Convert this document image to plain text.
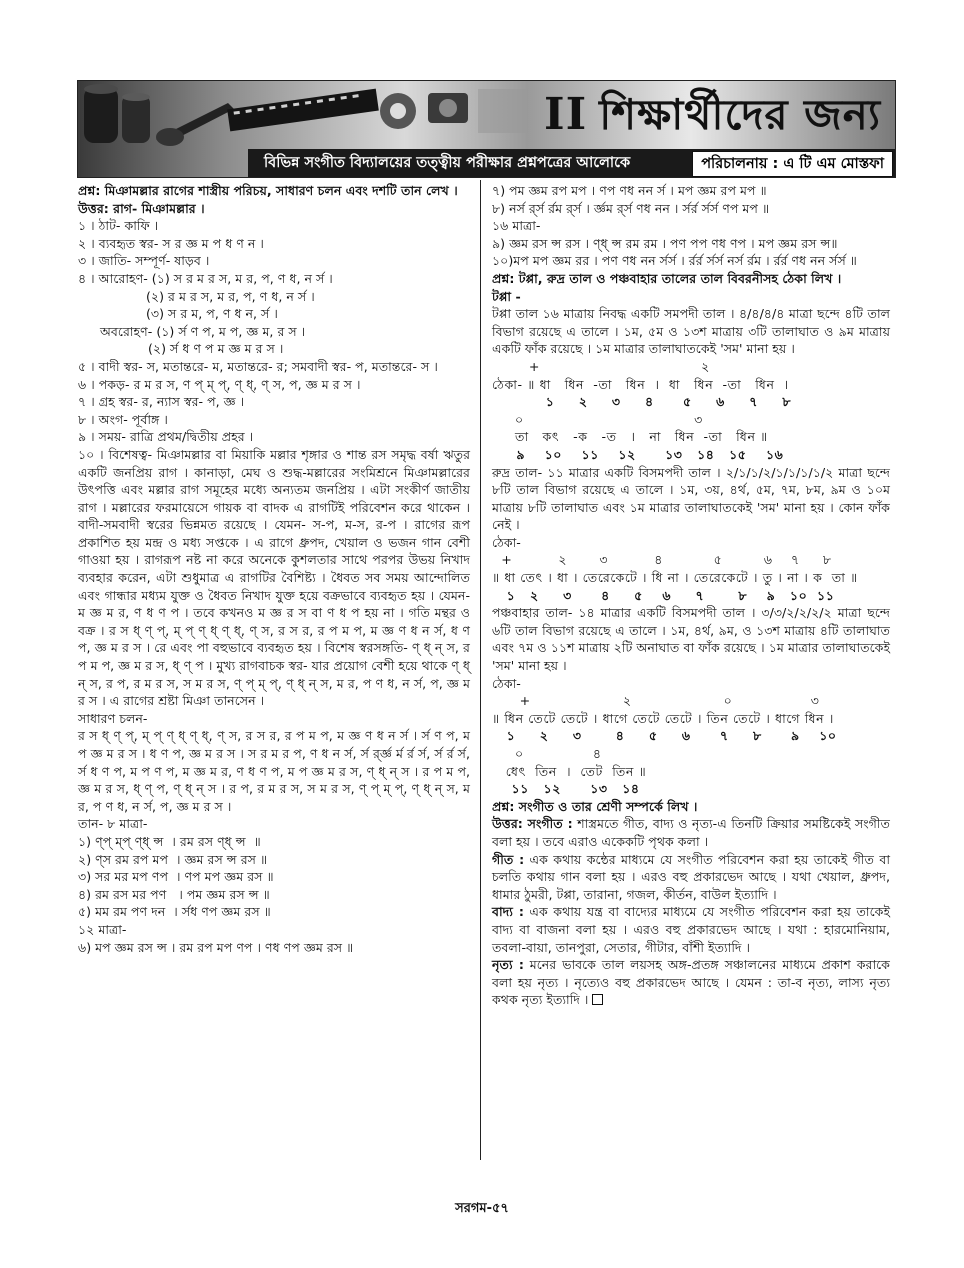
II শিক্ষার্থীদের জন্য
বিভিন্ন সংগীত বিদ্যালয়ের তত্ত্বীয় পরীক্ষার প্রশ্নপত্রের আলোকে	পরিচালনায় : এ টি এম মোস্তফা

প্রশ্ন: মিঞামল্লার রাগের শাস্ত্রীয় পরিচয়, সাধারণ চলন এবং দশটি তান লেখ ।

উত্তর: রাগ- মিঞামল্লার ।

১ । ঠাট- কাফি ।

২ । ব্যবহৃত স্বর- স র জ্ঞ ম প ধ ণ ন ।

৩ । জাতি- সম্পূর্ণ- ষাড়ব ।

৪ । আরোহণ- (১) স র ম র স, ম র, প, ণ ধ, ন র্স ।

(২) র ম র স, ম র, প, ণ ধ, ন র্স ।

(৩) স র ম, প, ণ ধ ন, র্স ।

অবরোহণ- (১) র্স ণ প, ম প, জ্ঞ ম, র স ।

(২) র্স ধ ণ প ম জ্ঞ ম র স ।

৫ । বাদী স্বর- স, মতান্তরে- ম, মতান্তরে- র; সমবাদী স্বর- প, মতান্তরে- স ।

৬ । পকড়- র ম র স, ণ প্ ম্ প্, ণ্ ধ্, ণ্ স, প, জ্ঞ ম র স ।

৭ । গ্রহ স্বর- র, ন্যাস স্বর- প, জ্ঞ ।

৮ । অংগ- পূর্বাঙ্গ ।

৯ । সময়- রাত্রি প্রথম/দ্বিতীয় প্রহর ।

১০ । বিশেষত্ব- মিঞামল্লার বা মিয়াকি মল্লার শৃঙ্গার ও শান্ত রস সমৃদ্ধ বর্ষা ঋতুর একটি জনপ্রিয় রাগ । কানাড়া, মেঘ ও শুদ্ধ-মল্লারের সংমিশ্রনে মিঞামল্লারের উৎপত্তি এবং মল্লার রাগ সমূহের মধ্যে অন্যতম জনপ্রিয় । এটা সংকীর্ণ জাতীয় রাগ । মল্লারের ফরমায়েসে গায়ক বা বাদক এ রাগটিই পরিবেশন করে থাকেন । বাদী-সমবাদী স্বরের ভিন্নমত রয়েছে । যেমন- স-প, ম-স, র-প । রাগের রূপ প্রকাশিত হয় মন্দ্র ও মধ্য সপ্তকে । এ রাগে ধ্রুপদ, খেয়াল ও ভজন গান বেশী গাওয়া হয় । রাগরূপ নষ্ট না করে অনেকে কুশলতার সাথে পরপর উভয় নিখাদ ব্যবহার করেন, এটা শুধুমাত্র এ রাগটির বৈশিষ্ট্য । ধৈবত সব সময় আন্দোলিত এবং গান্ধার মধ্যম যুক্ত ও ধৈবত নিখাদ যুক্ত হয়ে বক্রভাবে ব্যবহৃত হয় । যেমন- ম জ্ঞ ম র, ণ ধ ণ প । তবে কখনও ম জ্ঞ র স বা ণ ধ প হয় না । গতি মন্থর ও বক্র । র স ধ্ ণ্ প্, ম্ প্ ণ্ ধ্ ণ্ ধ্, ণ্ স, র স র, র প ম প, ম জ্ঞ ণ ধ ন র্স, ধ ণ প, জ্ঞ ম র স । রে এবং পা বহুভাবে ব্যবহৃত হয় । বিশেষ স্বরসঙ্গতি- ণ্ ধ্ ন্ স, র প ম প, জ্ঞ ম র স, ধ্ ণ্ প । মুখ্য রাগবাচক স্বর- যার প্রয়োগ বেশী হয়ে থাকে ণ্ ধ্ ন্ স, র প, র ম র স, স ম র স, ণ্ প্ ম্ প্, ণ্ ধ্ ন্ স, ম র, প ণ ধ, ন র্স, প, জ্ঞ ম র স । এ রাগের শ্রষ্টা মিঞা তানসেন ।

সাধারণ চলন-

র স ধ্ ণ্ প্, ম্ প্ ণ্ ধ্ ণ্ ধ্, ণ্ স, র স র, র প ম প, ম জ্ঞ ণ ধ ন র্স । র্স ণ প, ম প জ্ঞ ম র স । ধ ণ প, জ্ঞ ম র স । স র ম র প, ণ ধ ন র্স, র্স র্র্জ্ঞ র্ম র্র র্স, র্স র্র র্স, র্স ধ ণ প, ম প ণ প, ম জ্ঞ ম র, ণ ধ ণ প, ম প জ্ঞ ম র স, ণ্ ধ্ ন্ স । র প ম প, জ্ঞ ম র স, ধ্ ণ্ প, ণ্ ধ্ ন্ স । র প, র ম র স, স ম র স, ণ্ প্ ম্ প্, ণ্ ধ্ ন্ স, ম র, প ণ ধ, ন র্স, প, জ্ঞ ম র স ।

তান- ৮ মাত্রা-

১) ণ্প্ ম্প্ ণ্ধ্ ন্স  । রম রস ণ্ধ্ ন্স  ॥

২) ণ্স রম রপ মপ  । জ্ঞম রস ন্স রস ॥

৩) সর মর মপ ণপ  । ণপ মপ জ্ঞম রস ॥

৪) রম রস মর পণ   । পম জ্ঞম রস ন্স ॥

৫) মম রম পণ দন  । র্সধ ণপ জ্ঞম রস ॥

১২ মাত্রা-

৬) মপ জ্ঞম রস ন্স । রম রপ মপ ণপ । ণধ ণপ জ্ঞম রস ॥

৭) পম জ্ঞম রপ মপ । ণপ ণধ নন র্স । মপ জ্ঞম রপ মপ ॥

৮) নর্স র্র্স র্রম র্র্স । র্জ্ঞম র্র্স ণধ নন । র্সর্র র্সর্স ণপ মপ ॥

১৬ মাত্রা-

৯) জ্ঞম রস ন্স রস । ণ্ধ্ ন্স রম রম । পণ পপ ণধ ণপ । মপ জ্ঞম রস ন্স॥

১০)মপ মপ জ্ঞম রর । পণ ণধ নন র্সর্স । র্রর্র র্সর্স নর্স র্রম । র্রর্র ণধ নন র্সর্স ॥

প্রশ্ন: টপ্পা, রুদ্র তাল ও পঞ্চবাহার তালের তাল বিবরনীসহ ঠেকা লিখ ।

টপ্পা -

টপ্পা তাল ১৬ মাত্রায় নিবদ্ধ একটি সমপদী তাল । ৪/৪/৪/৪ মাত্রা ছন্দে ৪টি তাল বিভাগ রয়েছে এ তালে । ১ম, ৫ম ও ১৩শ মাত্রায় ৩টি তালাঘাত ও ৯ম মাত্রায় একটি ফাঁক রয়েছে । ১ম মাত্রার তালাঘাতকেই 'সম' মানা হয় ।

+                                   ২

ঠেকা- ॥ ধা   ধিন  -তা   ধিন  ।  ধা   ধিন  -তা   ধিন  ।

১     ২     ৩     ৪      ৫     ৬     ৭     ৮

০                                     ৩

তা   কৎ   -ক   -ত   ।   না   ধিন  -তা   ধিন ॥

৯    ১০    ১১    ১২      ১৩   ১৪   ১৫    ১৬

রুদ্র তাল- ১১ মাত্রার একটি বিসমপদী তাল । ২/১/১/২/১/১/১/১/২ মাত্রা ছন্দে ৮টি তাল বিভাগ রয়েছে এ তালে । ১ম, ৩য়, ৪র্থ, ৫ম, ৭ম, ৮ম, ৯ম ও ১০ম মাত্রায় ৮টি তালাঘাত এবং ১ম মাত্রার তালাঘাতকেই 'সম' মানা হয় । কোন ফাঁক নেই ।

ঠেকা-

+          ২       ৩          ৪           ৫         ৬    ৭     ৮

॥ ধা তেৎ । ধা । তেরেকেটে । ধি না । তেরেকেটে । তু । না । ক  তা ॥

১   ২     ৩      ৪     ৫    ৬     ৭       ৮    ৯   ১০  ১১

পঞ্চবাহার তাল- ১৪ মাত্রার একটি বিসমপদী তাল । ৩/৩/২/২/২/২ মাত্রা ছন্দে ৬টি তাল বিভাগ রয়েছে এ তালে । ১ম, ৪র্থ, ৯ম, ও ১৩শ মাত্রায় ৪টি তালাঘাত এবং ৭ম ও ১১শ মাত্রায় ২টি অনাঘাত বা ফাঁক রয়েছে । ১ম মাত্রার তালাঘাতকেই 'সম' মানা হয় ।

ঠেকা-

+                    ২                    ০                 ৩

॥ ধিন তেটে তেটে । ধাগে তেটে তেটে । তিন তেটে । ধাগে ধিন ।

১     ২     ৩       ৪     ৫     ৬      ৭     ৮      ৯    ১০

০               ৪

ধেৎ  তিন  ।  তেট  তিন ॥

১১   ১২      ১৩   ১৪

প্রশ্ন: সংগীত ও তার শ্রেণী সম্পর্কে লিখ ।

উত্তর: সংগীত : শাস্ত্রমতে গীত, বাদ্য ও নৃত্য-এ তিনটি ক্রিয়ার সমষ্টিকেই সংগীত বলা হয় । তবে এরাও একেকটি পৃথক কলা ।

গীত : এক কথায় কন্ঠের মাধ্যমে যে সংগীত পরিবেশন করা হয় তাকেই গীত বা চলতি কথায় গান বলা হয় । এরও বহু প্রকারভেদ আছে । যথা খেয়াল, ধ্রুপদ, ধামার ঠুমরী, টপ্পা, তারানা, গজল, কীর্তন, বাউল ইত্যাদি ।

বাদ্য : এক কথায় যন্ত্র বা বাদ্যের মাধ্যমে যে সংগীত পরিবেশন করা হয় তাকেই বাদ্য বা বাজনা বলা হয় । এরও বহু প্রকারভেদ আছে । যথা : হারমোনিয়াম, তবলা-বায়া, তানপুরা, সেতার, গীটার, বাঁশী ইত্যাদি ।

নৃত্য : মনের ভাবকে তাল লয়সহ অঙ্গ-প্রতঙ্গ সঞ্চালনের মাধ্যমে প্রকাশ করাকে বলা হয় নৃত্য । নৃত্যেও বহু প্রকারভেদ আছে । যেমন : তা-ব নৃত্য, লাস্য নৃত্য কথক নৃত্য ইত্যাদি ।

সরগম-৫৭
